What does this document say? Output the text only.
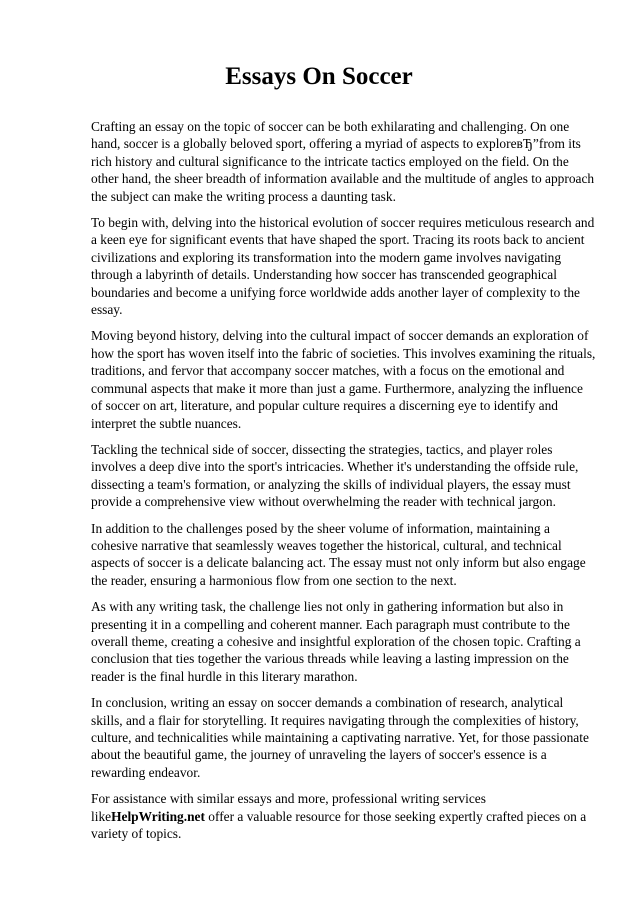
Essays On Soccer

Crafting an essay on the topic of soccer can be both exhilarating and challenging. On one hand, soccer is a globally beloved sport, offering a myriad of aspects to exploreвЂ”from its rich history and cultural significance to the intricate tactics employed on the field. On the other hand, the sheer breadth of information available and the multitude of angles to approach the subject can make the writing process a daunting task.

To begin with, delving into the historical evolution of soccer requires meticulous research and a keen eye for significant events that have shaped the sport. Tracing its roots back to ancient civilizations and exploring its transformation into the modern game involves navigating through a labyrinth of details. Understanding how soccer has transcended geographical boundaries and become a unifying force worldwide adds another layer of complexity to the essay.

Moving beyond history, delving into the cultural impact of soccer demands an exploration of how the sport has woven itself into the fabric of societies. This involves examining the rituals, traditions, and fervor that accompany soccer matches, with a focus on the emotional and communal aspects that make it more than just a game. Furthermore, analyzing the influence of soccer on art, literature, and popular culture requires a discerning eye to identify and interpret the subtle nuances.

Tackling the technical side of soccer, dissecting the strategies, tactics, and player roles involves a deep dive into the sport's intricacies. Whether it's understanding the offside rule, dissecting a team's formation, or analyzing the skills of individual players, the essay must provide a comprehensive view without overwhelming the reader with technical jargon.

In addition to the challenges posed by the sheer volume of information, maintaining a cohesive narrative that seamlessly weaves together the historical, cultural, and technical aspects of soccer is a delicate balancing act. The essay must not only inform but also engage the reader, ensuring a harmonious flow from one section to the next.

As with any writing task, the challenge lies not only in gathering information but also in presenting it in a compelling and coherent manner. Each paragraph must contribute to the overall theme, creating a cohesive and insightful exploration of the chosen topic. Crafting a conclusion that ties together the various threads while leaving a lasting impression on the reader is the final hurdle in this literary marathon.

In conclusion, writing an essay on soccer demands a combination of research, analytical skills, and a flair for storytelling. It requires navigating through the complexities of history, culture, and technicalities while maintaining a captivating narrative. Yet, for those passionate about the beautiful game, the journey of unraveling the layers of soccer's essence is a rewarding endeavor.

For assistance with similar essays and more, professional writing services likeHelpWriting.net offer a valuable resource for those seeking expertly crafted pieces on a variety of topics.
